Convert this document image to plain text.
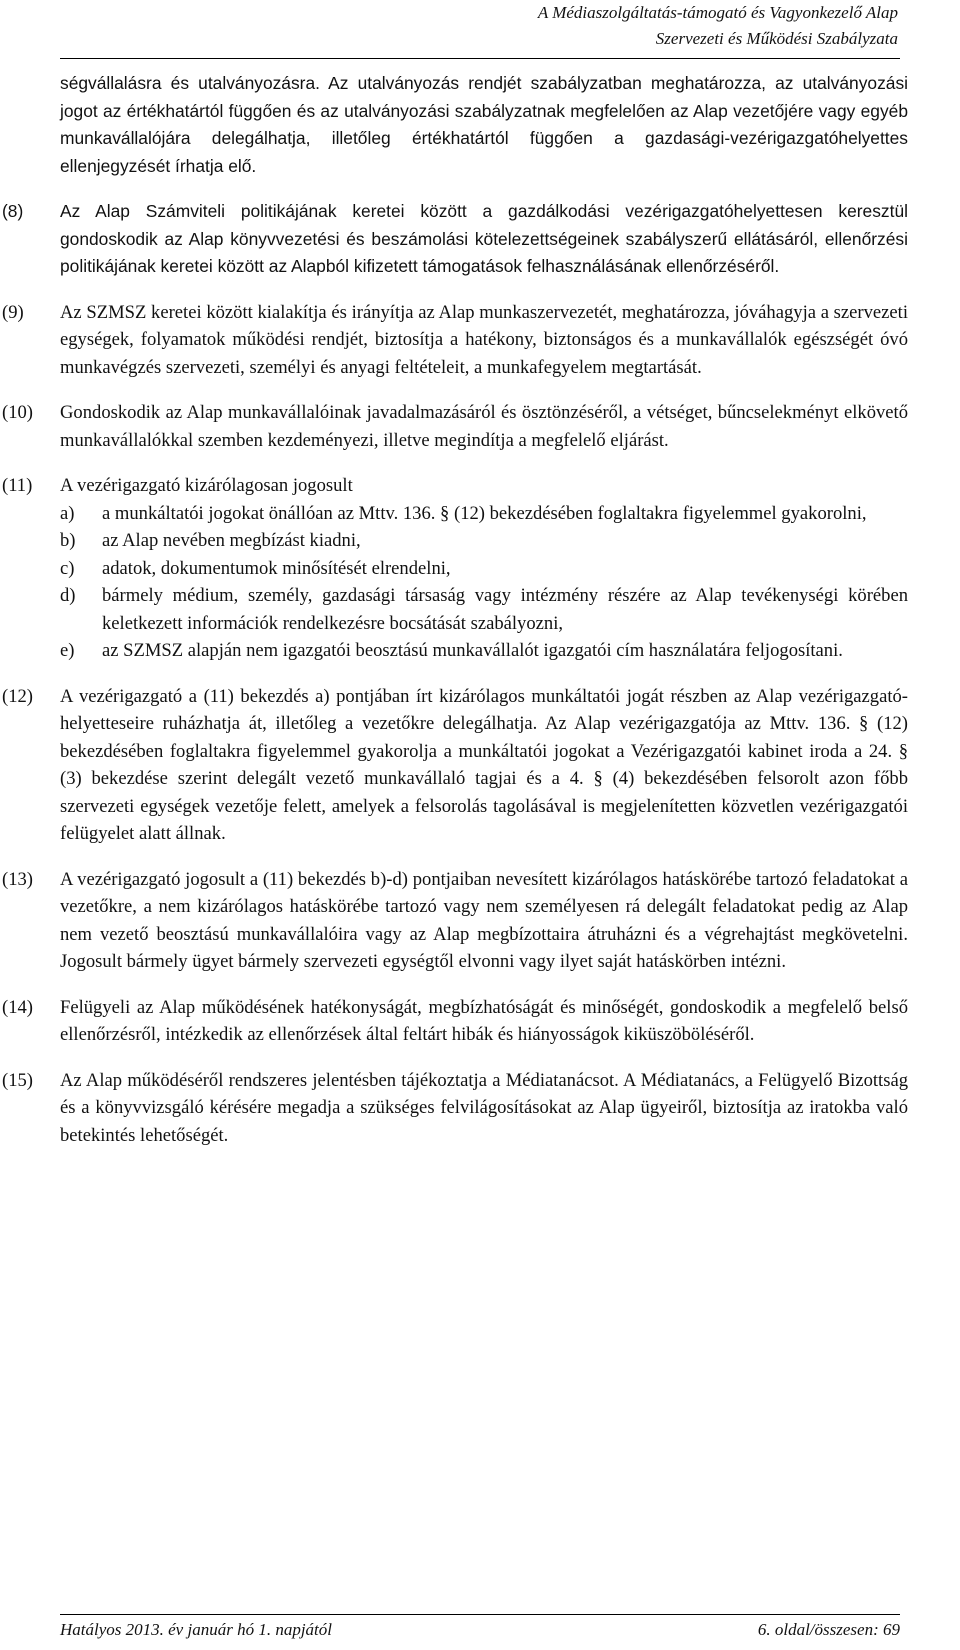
A Médiaszolgáltatás-támogató és Vagyonkezelő Alap
Szervezeti és Működési Szabályzata

ségvállalásra és utalványozásra. Az utalványozás rendjét szabályzatban meghatározza, az utalványozási jogot az értékhatártól függően és az utalványozási szabályzatnak megfelelően az Alap vezetőjére vagy egyéb munkavállalójára delegálhatja, illetőleg értékhatártól függően a gazdasági-vezérigazgatóhelyettes ellenjegyzését írhatja elő.

(8) Az Alap Számviteli politikájának keretei között a gazdálkodási vezérigazgatóhelyettesen keresztül gondoskodik az Alap könyvvezetési és beszámolási kötelezettségeinek szabályszerű ellátásáról, ellenőrzési politikájának keretei között az Alapból kifizetett támogatások felhasználásának ellenőrzéséről.
(9) Az SZMSZ keretei között kialakítja és irányítja az Alap munkaszervezetét, meghatározza, jóváhagyja a szervezeti egységek, folyamatok működési rendjét, biztosítja a hatékony, biztonságos és a munkavállalók egészségét óvó munkavégzés szervezeti, személyi és anyagi feltételeit, a munkafegyelem megtartását.
(10) Gondoskodik az Alap munkavállalóinak javadalmazásáról és ösztönzéséről, a vétséget, bűncselekményt elkövető munkavállalókkal szemben kezdeményezi, illetve megindítja a megfelelő eljárást.
(11) A vezérigazgató kizárólagosan jogosult
a) a munkáltatói jogokat önállóan az Mttv. 136. § (12) bekezdésében foglaltakra figyelemmel gyakorolni,
b) az Alap nevében megbízást kiadni,
c) adatok, dokumentumok minősítését elrendelni,
d) bármely médium, személy, gazdasági társaság vagy intézmény részére az Alap tevékenységi körében keletkezett információk rendelkezésre bocsátását szabályozni,
e) az SZMSZ alapján nem igazgatói beosztású munkavállalót igazgatói cím használatára feljogosítani.
(12) A vezérigazgató a (11) bekezdés a) pontjában írt kizárólagos munkáltatói jogát részben az Alap vezérigazgató-helyetteseire ruházhatja át, illetőleg a vezetőkre delegálhatja. Az Alap vezérigazgatója az Mttv. 136. § (12) bekezdésében foglaltakra figyelemmel gyakorolja a munkáltatói jogokat a Vezérigazgatói kabinet iroda a 24. § (3) bekezdése szerint delegált vezető munkavállaló tagjai és a 4. § (4) bekezdésében felsorolt azon főbb szervezeti egységek vezetője felett, amelyek a felsorolás tagolásával is megjelenítetten közvetlen vezérigazgatói felügyelet alatt állnak.
(13) A vezérigazgató jogosult a (11) bekezdés b)-d) pontjaiban nevesített kizárólagos hatáskörébe tartozó feladatokat a vezetőkre, a nem kizárólagos hatáskörébe tartozó vagy nem személyesen rá delegált feladatokat pedig az Alap nem vezető beosztású munkavállalóira vagy az Alap megbízottaira átruházni és a végrehajtást megkövetelni. Jogosult bármely ügyet bármely szervezeti egységtől elvonni vagy ilyet saját hatáskörben intézni.
(14) Felügyeli az Alap működésének hatékonyságát, megbízhatóságát és minőségét, gondoskodik a megfelelő belső ellenőrzésről, intézkedik az ellenőrzések által feltárt hibák és hiányosságok kiküszöböléséről.
(15) Az Alap működéséről rendszeres jelentésben tájékoztatja a Médiatanácsot. A Médiatanács, a Felügyelő Bizottság és a könyvvizsgáló kérésére megadja a szükséges felvilágosításokat az Alap ügyeiről, biztosítja az iratokba való betekintés lehetőségét.
Hatályos 2013. év január hó 1. napjától	6. oldal/összesen: 69
